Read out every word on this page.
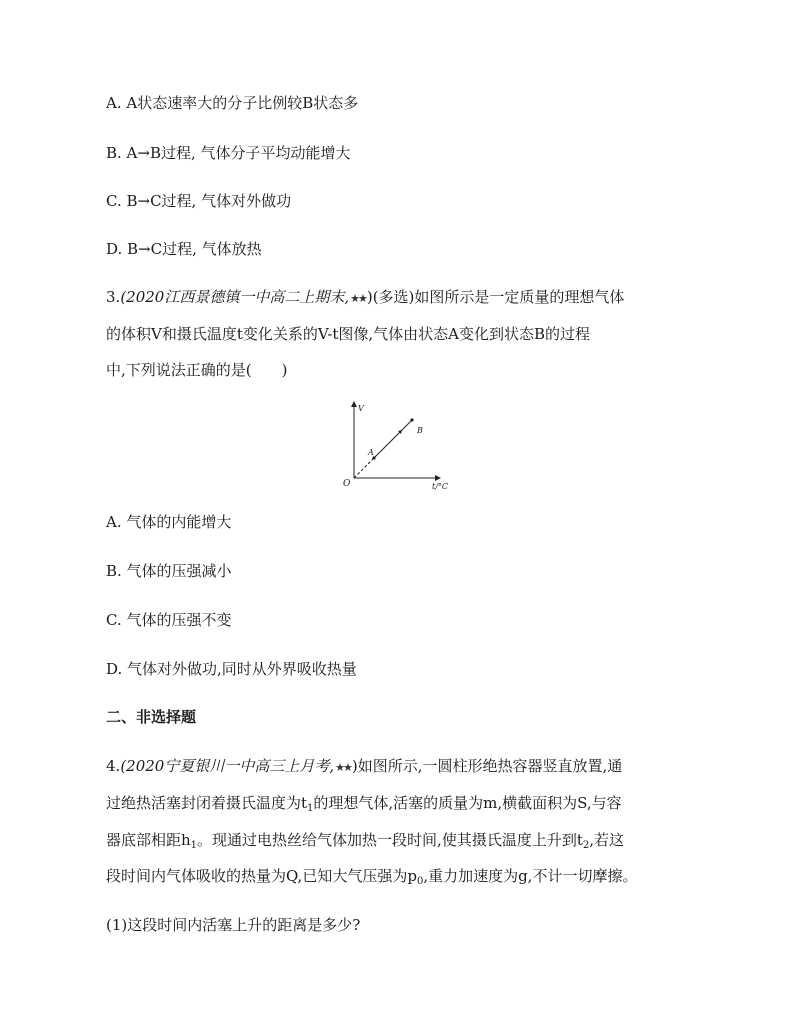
A. A状态速率大的分子比例较B状态多
B. A→B过程, 气体分子平均动能增大
C. B→C过程, 气体对外做功
D. B→C过程, 气体放热
3.(2020江西景德镇一中高二上期末,★★)(多选)如图所示是一定质量的理想气体
的体积V和摄氏温度t变化关系的V-t图像,气体由状态A变化到状态B的过程
中,下列说法正确的是(　　)
V
t/°C
O
A
B
A. 气体的内能增大
B. 气体的压强减小
C. 气体的压强不变
D. 气体对外做功,同时从外界吸收热量
二、非选择题
4.(2020宁夏银川一中高三上月考,★★)如图所示,一圆柱形绝热容器竖直放置,通
过绝热活塞封闭着摄氏温度为$t_1$的理想气体,活塞的质量为m,横截面积为S,与容
器底部相距$h_1$。现通过电热丝给气体加热一段时间,使其摄氏温度上升到$t_2$,若这
段时间内气体吸收的热量为Q,已知大气压强为$p_0$,重力加速度为g,不计一切摩擦。
(1)这段时间内活塞上升的距离是多少?
